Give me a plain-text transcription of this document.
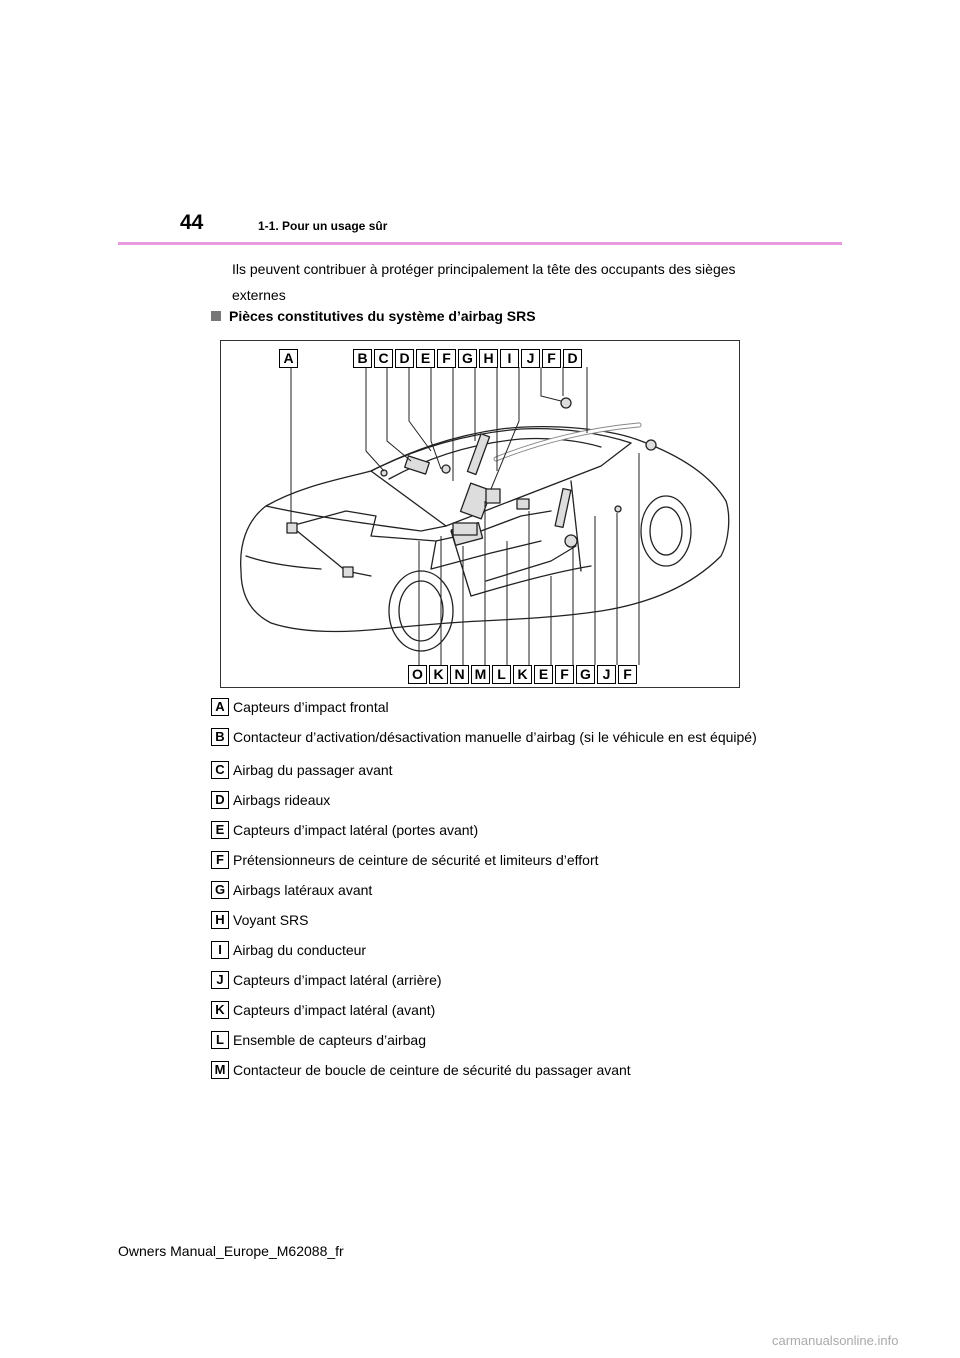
44	1-1. Pour un usage sûr
Ils peuvent contribuer à protéger principalement la tête des occupants des sièges externes
Pièces constitutives du système d’airbag SRS
A	B C D E F G H I	J F D
O K N M L K E F G J F
A Capteurs d’impact frontal
B Contacteur d’activation/désactivation manuelle d’airbag (si le véhicule en est équipé)
C Airbag du passager avant
D Airbags rideaux
E Capteurs d’impact latéral (portes avant)
F Prétensionneurs de ceinture de sécurité et limiteurs d’effort
G Airbags latéraux avant
H Voyant SRS
I Airbag du conducteur
J Capteurs d’impact latéral (arrière)
K Capteurs d’impact latéral (avant)
L Ensemble de capteurs d’airbag
M Contacteur de boucle de ceinture de sécurité du passager avant
Owners Manual_Europe_M62088_fr
carmanualsonline.info
